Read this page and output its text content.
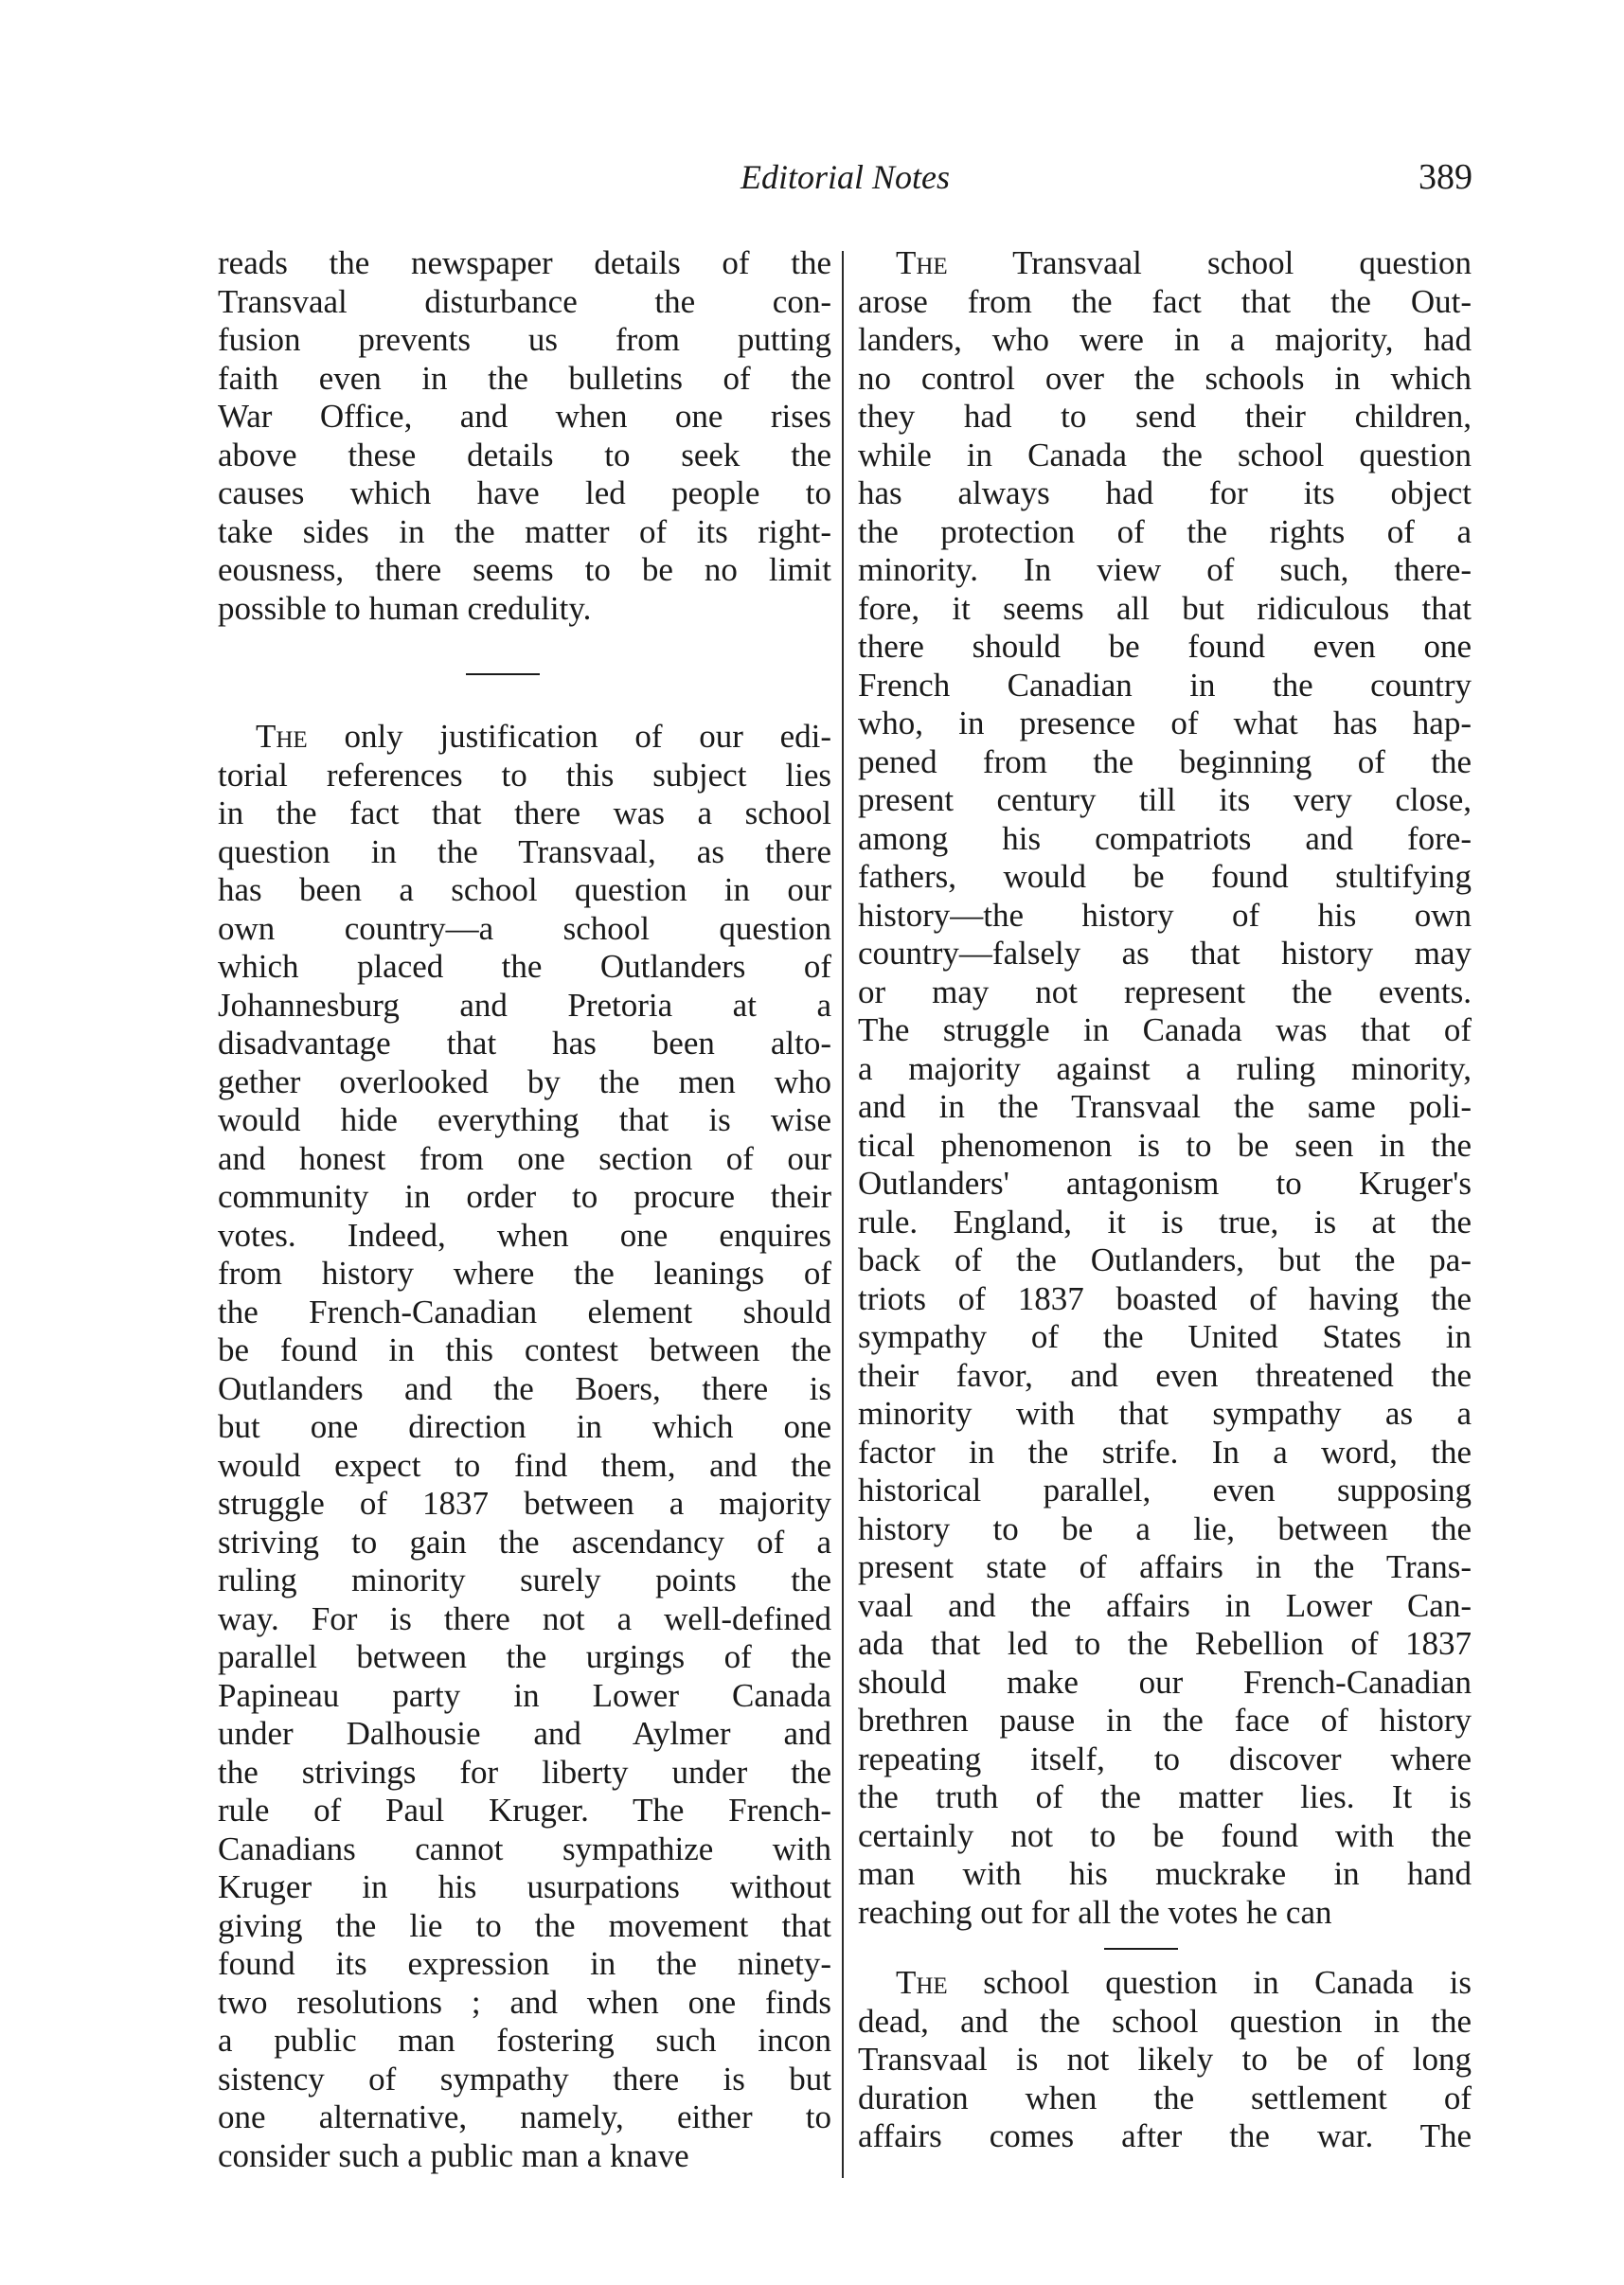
Editorial Notes	389
reads the newspaper details of the
Transvaal disturbance the con-
fusion prevents us from putting
faith even in the bulletins of the
War Office, and when one rises
above these details to seek the
causes which have led people to
take sides in the matter of its right-
eousness, there seems to be no limit
possible to human credulity.
The only justification of our edi-
torial references to this subject lies
in the fact that there was a school
question in the Transvaal, as there
has been a school question in our
own country—a school question
which placed the Outlanders of
Johannesburg and Pretoria at a
disadvantage that has been alto-
gether overlooked by the men who
would hide everything that is wise
and honest from one section of our
community in order to procure their
votes. Indeed, when one enquires
from history where the leanings of
the French-Canadian element should
be found in this contest between the
Outlanders and the Boers, there is
but one direction in which one
would expect to find them, and the
struggle of 1837 between a majority
striving to gain the ascendancy of a
ruling minority surely points the
way. For is there not a well-defined
parallel between the urgings of the
Papineau party in Lower Canada
under Dalhousie and Aylmer and
the strivings for liberty under the
rule of Paul Kruger. The French-
Canadians cannot sympathize with
Kruger in his usurpations without
giving the lie to the movement that
found its expression in the ninety-
two resolutions ; and when one finds
a public man fostering such incon
sistency of sympathy there is but
one alternative, namely, either to
consider such a public man a knave
The Transvaal school question
arose from the fact that the Out-
landers, who were in a majority, had
no control over the schools in which
they had to send their children,
while in Canada the school question
has always had for its object
the protection of the rights of a
minority. In view of such, there-
fore, it seems all but ridiculous that
there should be found even one
French Canadian in the country
who, in presence of what has hap-
pened from the beginning of the
present century till its very close,
among his compatriots and fore-
fathers, would be found stultifying
history—the history of his own
country—falsely as that history may
or may not represent the events.
The struggle in Canada was that of
a majority against a ruling minority,
and in the Transvaal the same poli-
tical phenomenon is to be seen in the
Outlanders' antagonism to Kruger's
rule. England, it is true, is at the
back of the Outlanders, but the pa-
triots of 1837 boasted of having the
sympathy of the United States in
their favor, and even threatened the
minority with that sympathy as a
factor in the strife. In a word, the
historical parallel, even supposing
history to be a lie, between the
present state of affairs in the Trans-
vaal and the affairs in Lower Can-
ada that led to the Rebellion of 1837
should make our French-Canadian
brethren pause in the face of history
repeating itself, to discover where
the truth of the matter lies. It is
certainly not to be found with the
man with his muckrake in hand
reaching out for all the votes he can
The school question in Canada is
dead, and the school question in the
Transvaal is not likely to be of long
duration when the settlement of
affairs comes after the war. The
